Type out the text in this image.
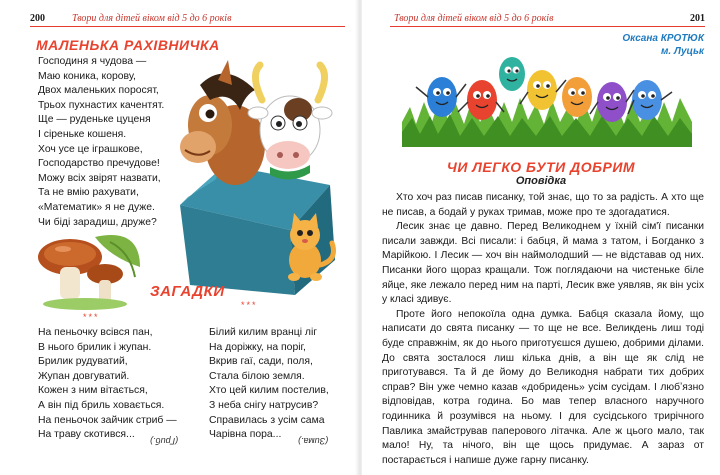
200	Твори для дітей віком від 5 до 6 років
МАЛЕНЬКА РАХІВНИЧКА
Господиня я чудова —
Маю коника, корову,
Двох маленьких поросят,
Трьох пухнастих качентят.
Ще — руденьке цуценя
І сіреньке кошеня.
Хоч усе це іграшкове,
Господарство пречудове!
Можу всіх звірят назвати,
Та не вмію рахувати,
«Математик» я не дуже.
Чи біді зарадиш, друже?
ЗАГАДКИ
***
***
На пеньочку всівся пан,
В нього брилик і жупан.
Брилик рудуватий,
Жупан довгуватий.
Кожен з ним вітається,
А він під бриль ховається.
На пеньочок зайчик стриб —
На траву скотився...
Білий килим вранці ліг
На доріжку, на поріг,
Вкрив гаї, сади, поля,
Стала білою земля.
Хто цей килим постелив,
З неба снігу натрусив?
Справилась з усім сама
Чарівна пора...
(Гриб.)	(Зима.)
Твори для дітей віком від 5 до 6 років	201
Оксана КРОТЮК
м. Луцьк
ЧИ ЛЕГКО БУТИ ДОБРИМ
Оповідка

Хто хоч раз писав писанку, той знає, що то за радість. А хто ще не писав, а бодай у руках тримав, може про те здогадатися.

Лесик знає це давно. Перед Великоднем у їхній сім'ї писанки писали завжди. Всі писали: і бабця, й мама з татом, і Богданко з Марійкою. І Лесик — хоч він наймолодший — не відставав од них. Писанки його щораз кращали. Тож поглядаючи на чистеньке біле яйце, яке лежало перед ним на парті, Лесик вже уявляв, як він усіх у класі здивує.

Проте його непокоїла одна думка. Бабця сказала йому, що написати до свята писанку — то ще не все. Великдень лиш тоді буде справжнім, як до нього приготуєшся душею, добрими ділами. До свята зосталося лиш кілька днів, а він ще як слід не приготувався. Та й де йому до Великодня набрати тих добрих справ? Він уже чемно казав «добридень» усім сусідам. І любʼязно відповідав, котра година. Бо мав тепер власного наручного годинника й розумівся на ньому. І для сусідського трирічного Павлика змайстрував паперового літачка. Але ж цього мало, так мало! Ну, та нічого, він ще щось придумає. А зараз от постарається і напише дуже гарну писанку.
